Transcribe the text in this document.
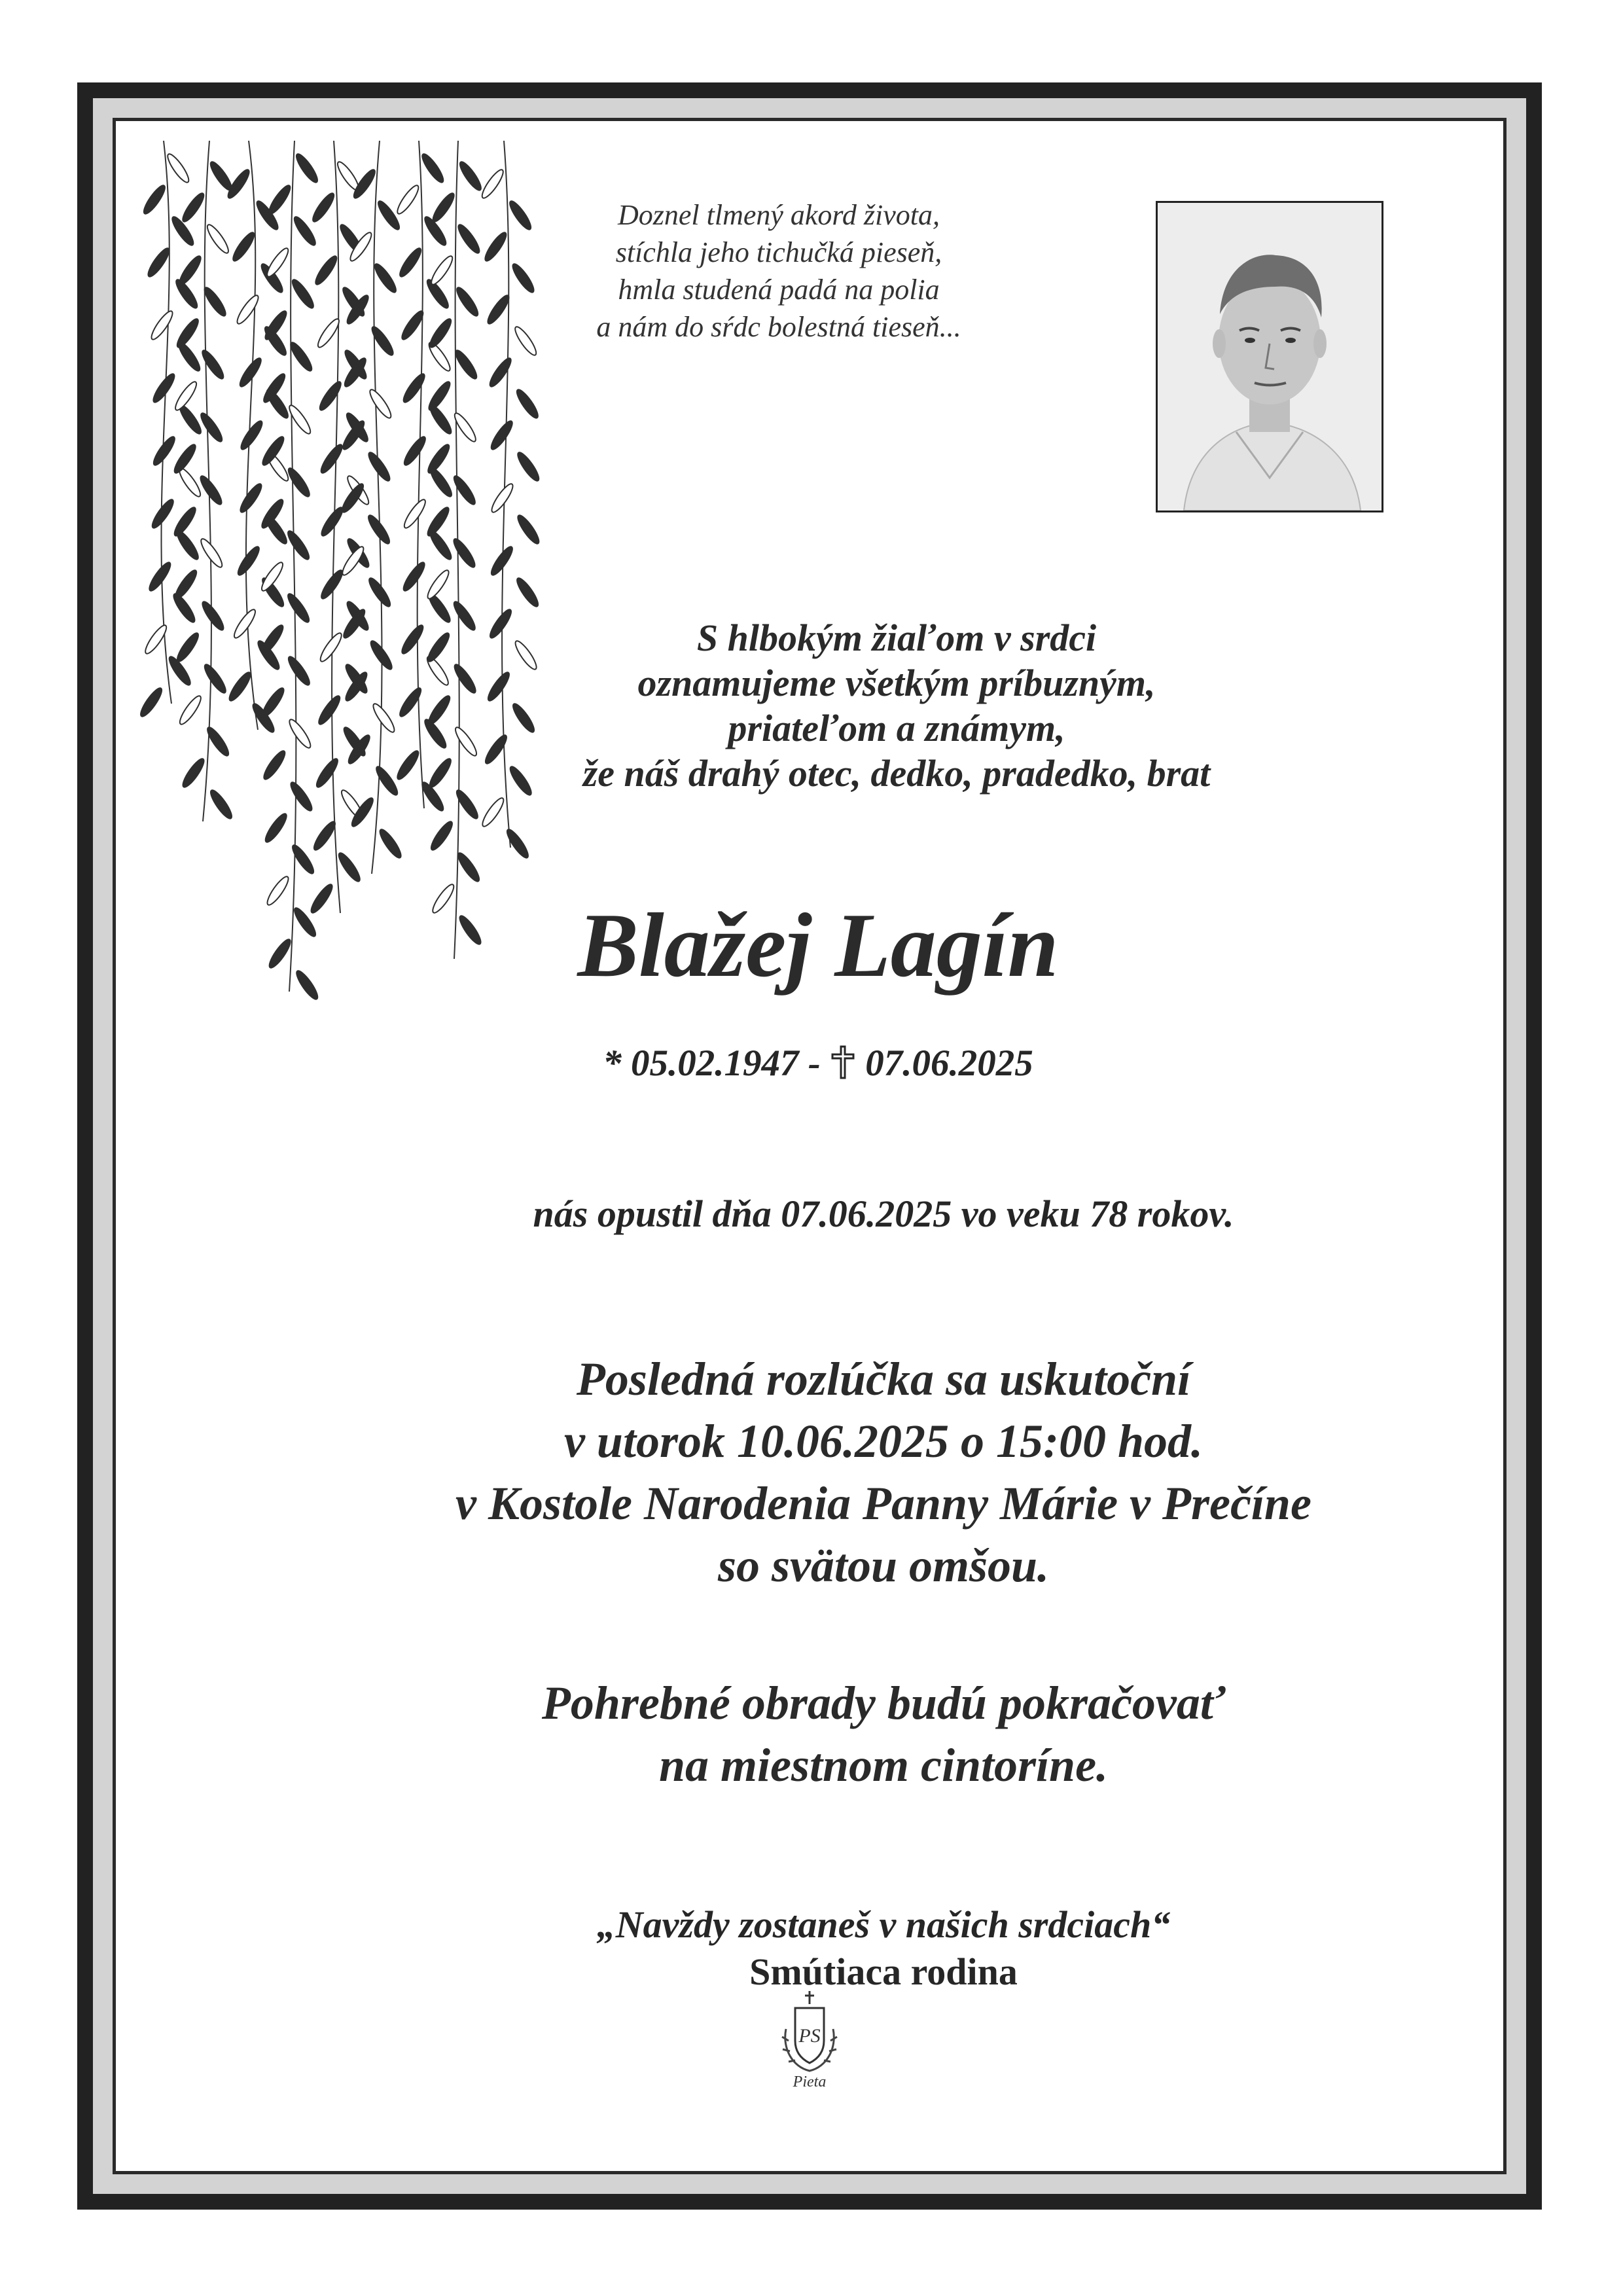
Doznel tlmený akord života,
stíchla jeho tichučká pieseň,
hmla studená padá na polia
a nám do sŕdc bolestná tieseň...
S hlbokým žiaľom v srdci
oznamujeme všetkým príbuzným,
priateľom a známym,
že náš drahý otec, dedko, pradedko, brat
Blažej Lagín
* 05.02.1947 - 07.06.2025
nás opustil dňa 07.06.2025 vo veku 78 rokov.
Posledná rozlúčka sa uskutoční
v utorok 10.06.2025 o 15:00 hod.
v Kostole Narodenia Panny Márie v Prečíne
so svätou omšou.
Pohrebné obrady budú pokračovať
na miestnom cintoríne.
„Navždy zostaneš v našich srdciach“
Smútiaca rodina
PS
Pieta
